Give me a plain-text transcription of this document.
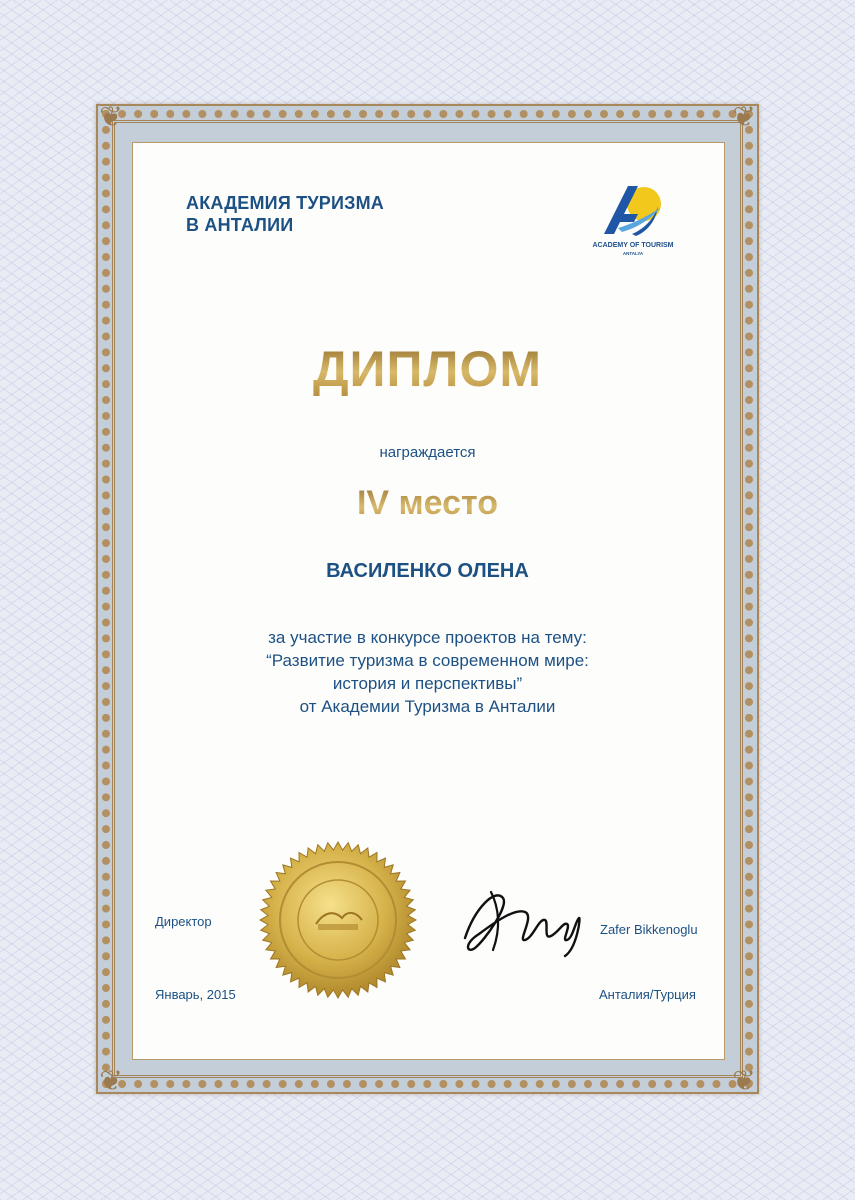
❦	❦
❦	❦
АКАДЕМИЯ ТУРИЗМА
В АНТАЛИИ
ACADEMY OF TOURISM
ANTALYA
ДИПЛОМ
награждается
IV место
ВАСИЛЕНКО ОЛЕНА
за участие в конкурсе проектов на тему:
“Развитие туризма в современном мире:
история и перспективы”
от Академии Туризма в Анталии
Директор
Zafer Bikkenoglu
Январь, 2015	Анталия/Турция
